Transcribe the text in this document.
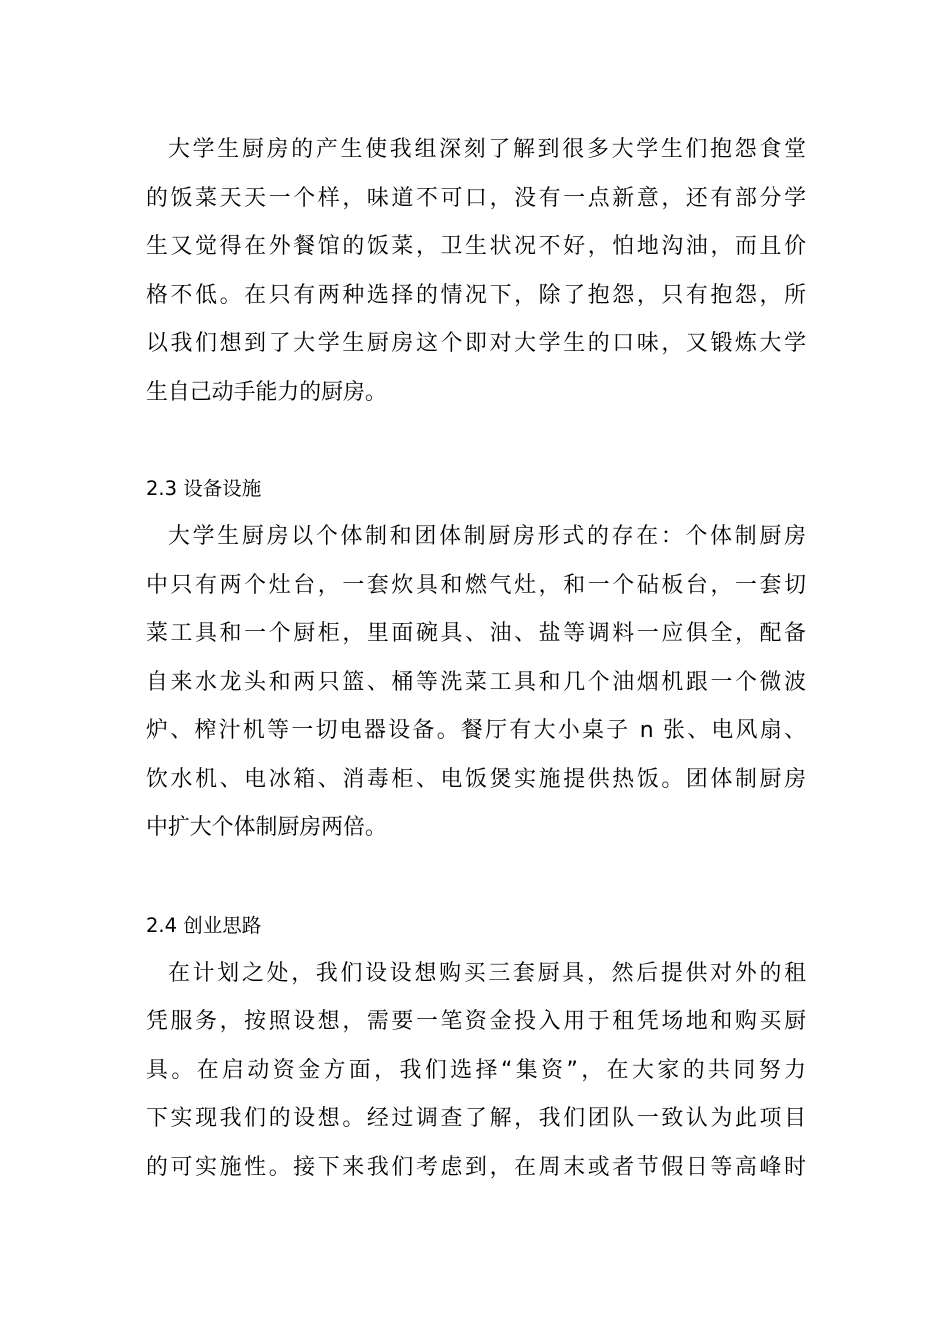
大学生厨房的产生使我组深刻了解到很多大学生们抱怨食堂
的饭菜天天一个样，味道不可口，没有一点新意，还有部分学
生又觉得在外餐馆的饭菜，卫生状况不好，怕地沟油，而且价
格不低。在只有两种选择的情况下，除了抱怨，只有抱怨，所
以我们想到了大学生厨房这个即对大学生的口味，又锻炼大学
生自己动手能力的厨房。
2.3 设备设施
大学生厨房以个体制和团体制厨房形式的存在：个体制厨房
中只有两个灶台，一套炊具和燃气灶，和一个砧板台，一套切
菜工具和一个厨柜，里面碗具、油、盐等调料一应俱全，配备
自来水龙头和两只篮、桶等洗菜工具和几个油烟机跟一个微波
炉、榨汁机等一切电器设备。餐厅有大小桌子 n 张、电风扇、
饮水机、电冰箱、消毒柜、电饭煲实施提供热饭。团体制厨房
中扩大个体制厨房两倍。
2.4 创业思路
在计划之处，我们设设想购买三套厨具，然后提供对外的租
凭服务，按照设想，需要一笔资金投入用于租凭场地和购买厨
具。在启动资金方面，我们选择“集资”，在大家的共同努力
下实现我们的设想。经过调查了解，我们团队一致认为此项目
的可实施性。接下来我们考虑到，在周末或者节假日等高峰时
